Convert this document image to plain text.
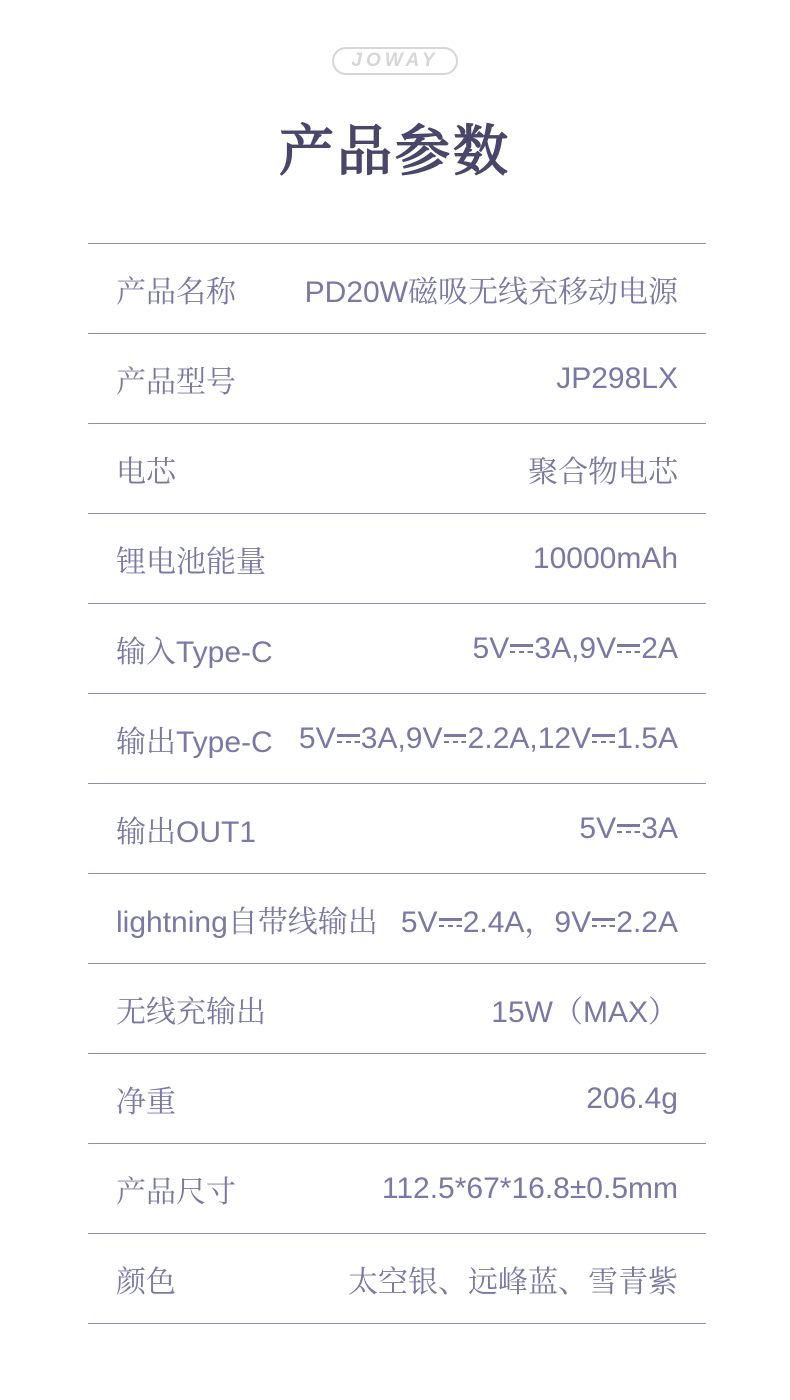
JOWAY
产品参数
产品名称 PD20W磁吸无线充移动电源
产品型号	JP298LX
电芯	聚合物电芯
锂电池能量	10000mAh
输入Type-C	5V 3A,9V 2A
输出Type-C 5V 3A,9V 2.2A,12V 1.5A
输出OUT1	5V 3A
lightning自带线输出 5V 2.4A，9V 2.2A
无线充输出	15W（MAX）
净重	206.4g
产品尺寸	112.5*67*16.8±0.5mm
颜色	太空银、远峰蓝、雪青紫
